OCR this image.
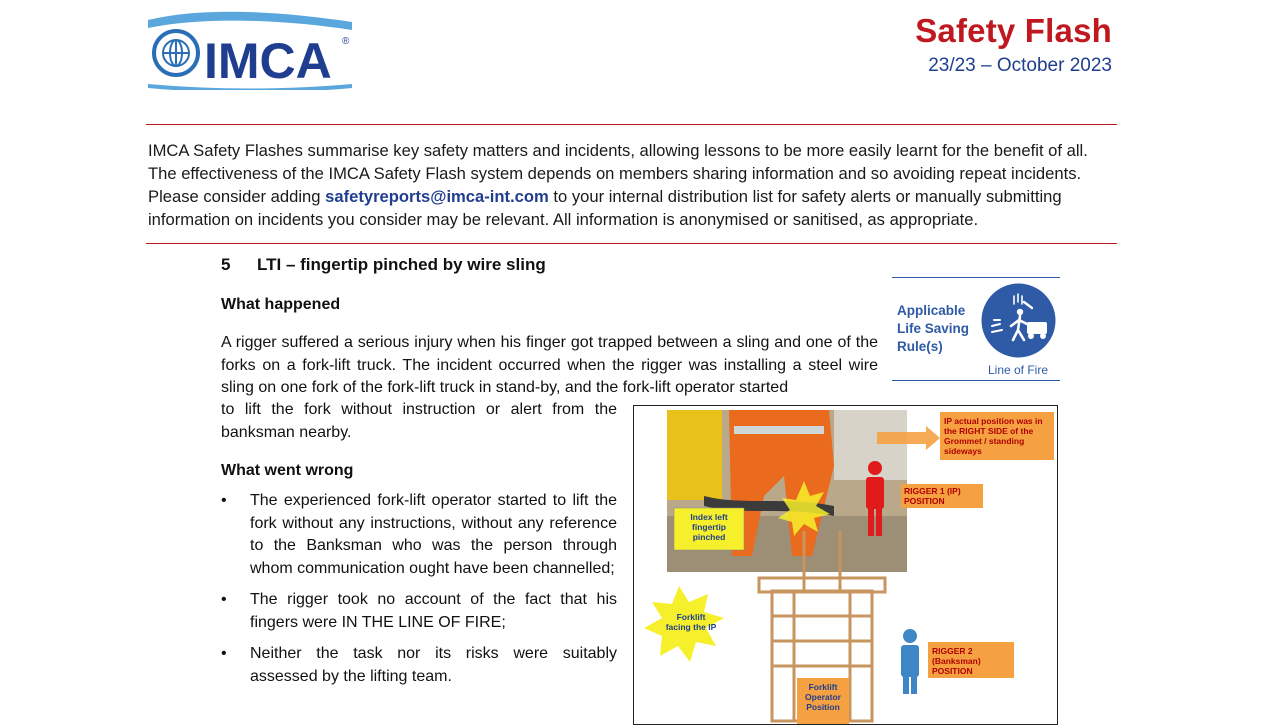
IMCA ®	Safety Flash
23/23 – October 2023
IMCA Safety Flashes summarise key safety matters and incidents, allowing lessons to be more easily learnt for the benefit of all. The effectiveness of the IMCA Safety Flash system depends on members sharing information and so avoiding repeat incidents. Please consider adding safetyreports@imca-int.com to your internal distribution list for safety alerts or manually submitting information on incidents you consider may be relevant. All information is anonymised or sanitised, as appropriate.
5 LTI – fingertip pinched by wire sling
What happened
A rigger suffered a serious injury when his finger got trapped between a sling and one of the forks on a fork-lift truck. The incident occurred when the rigger was installing a steel wire sling on one fork of the fork-lift truck in stand-by, and the fork-lift operator started
to lift the fork without instruction or alert from the banksman nearby.
What went wrong
• The experienced fork-lift operator started to lift the fork without any instructions, without any reference to the Banksman who was the person through whom communication ought have been channelled;
• The rigger took no account of the fact that his fingers were IN THE LINE OF FIRE;
• Neither the task nor its risks were suitably assessed by the lifting team.
Applicable Life Saving Rule(s)
Line of Fire
IP actual position was in the RIGHT SIDE of the Grommet / standing sideways
RIGGER 1 (IP) POSITION
Index left fingertip pinched
Forklift facing the IP
RIGGER 2 (Banksman) POSITION
Forklift Operator Position
